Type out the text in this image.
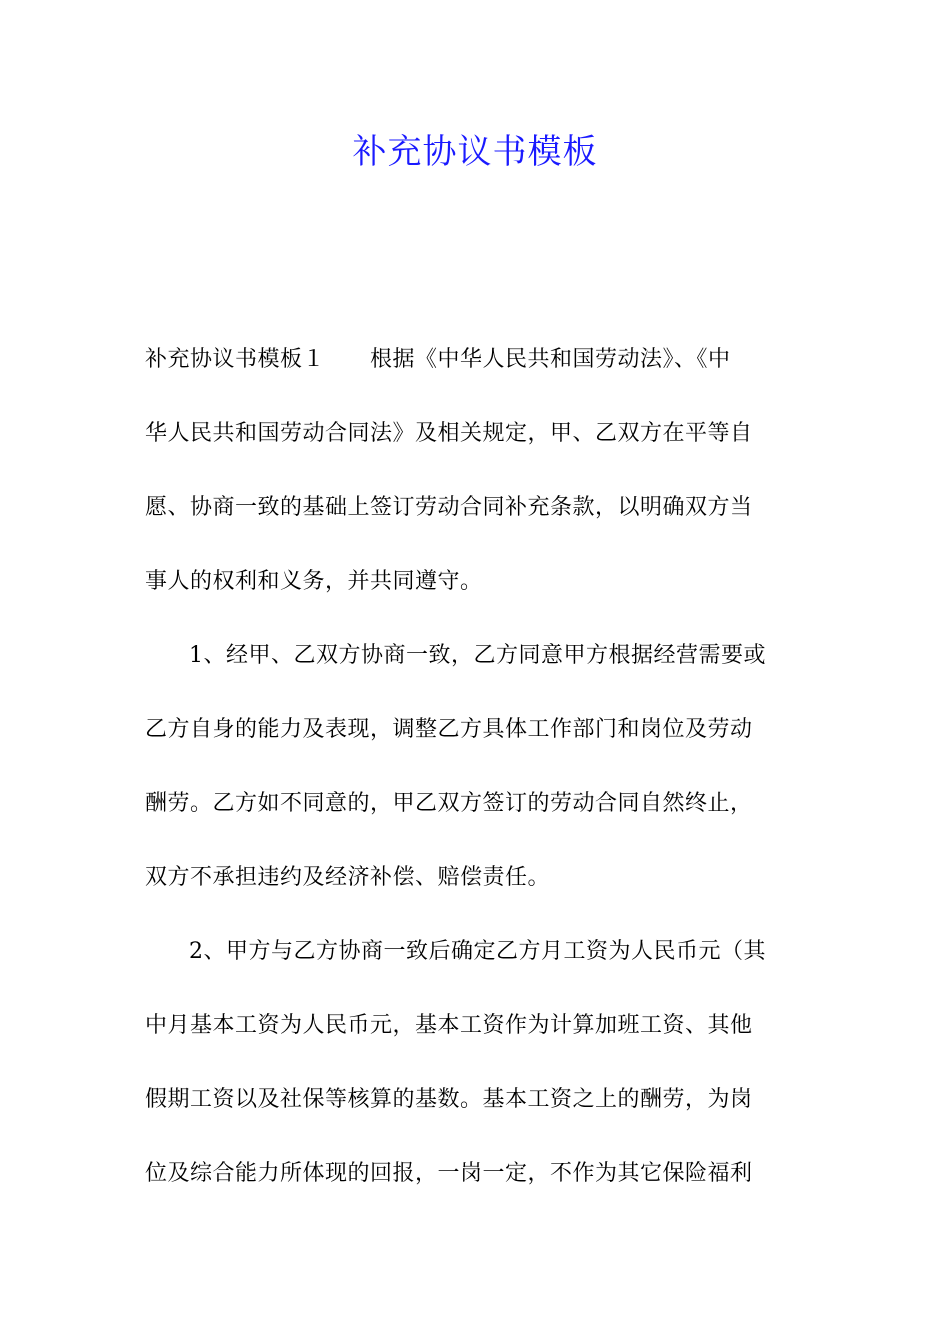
补充协议书模板
补充协议书模板１　　根据《中华人民共和国劳动法》、《中
华人民共和国劳动合同法》及相关规定，甲、乙双方在平等自
愿、协商一致的基础上签订劳动合同补充条款，以明确双方当
事人的权利和义务，并共同遵守。
1、经甲、乙双方协商一致，乙方同意甲方根据经营需要或
乙方自身的能力及表现，调整乙方具体工作部门和岗位及劳动
酬劳。乙方如不同意的，甲乙双方签订的劳动合同自然终止，
双方不承担违约及经济补偿、赔偿责任。
2、甲方与乙方协商一致后确定乙方月工资为人民币元（其
中月基本工资为人民币元，基本工资作为计算加班工资、其他
假期工资以及社保等核算的基数。基本工资之上的酬劳，为岗
位及综合能力所体现的回报，一岗一定，不作为其它保险福利
